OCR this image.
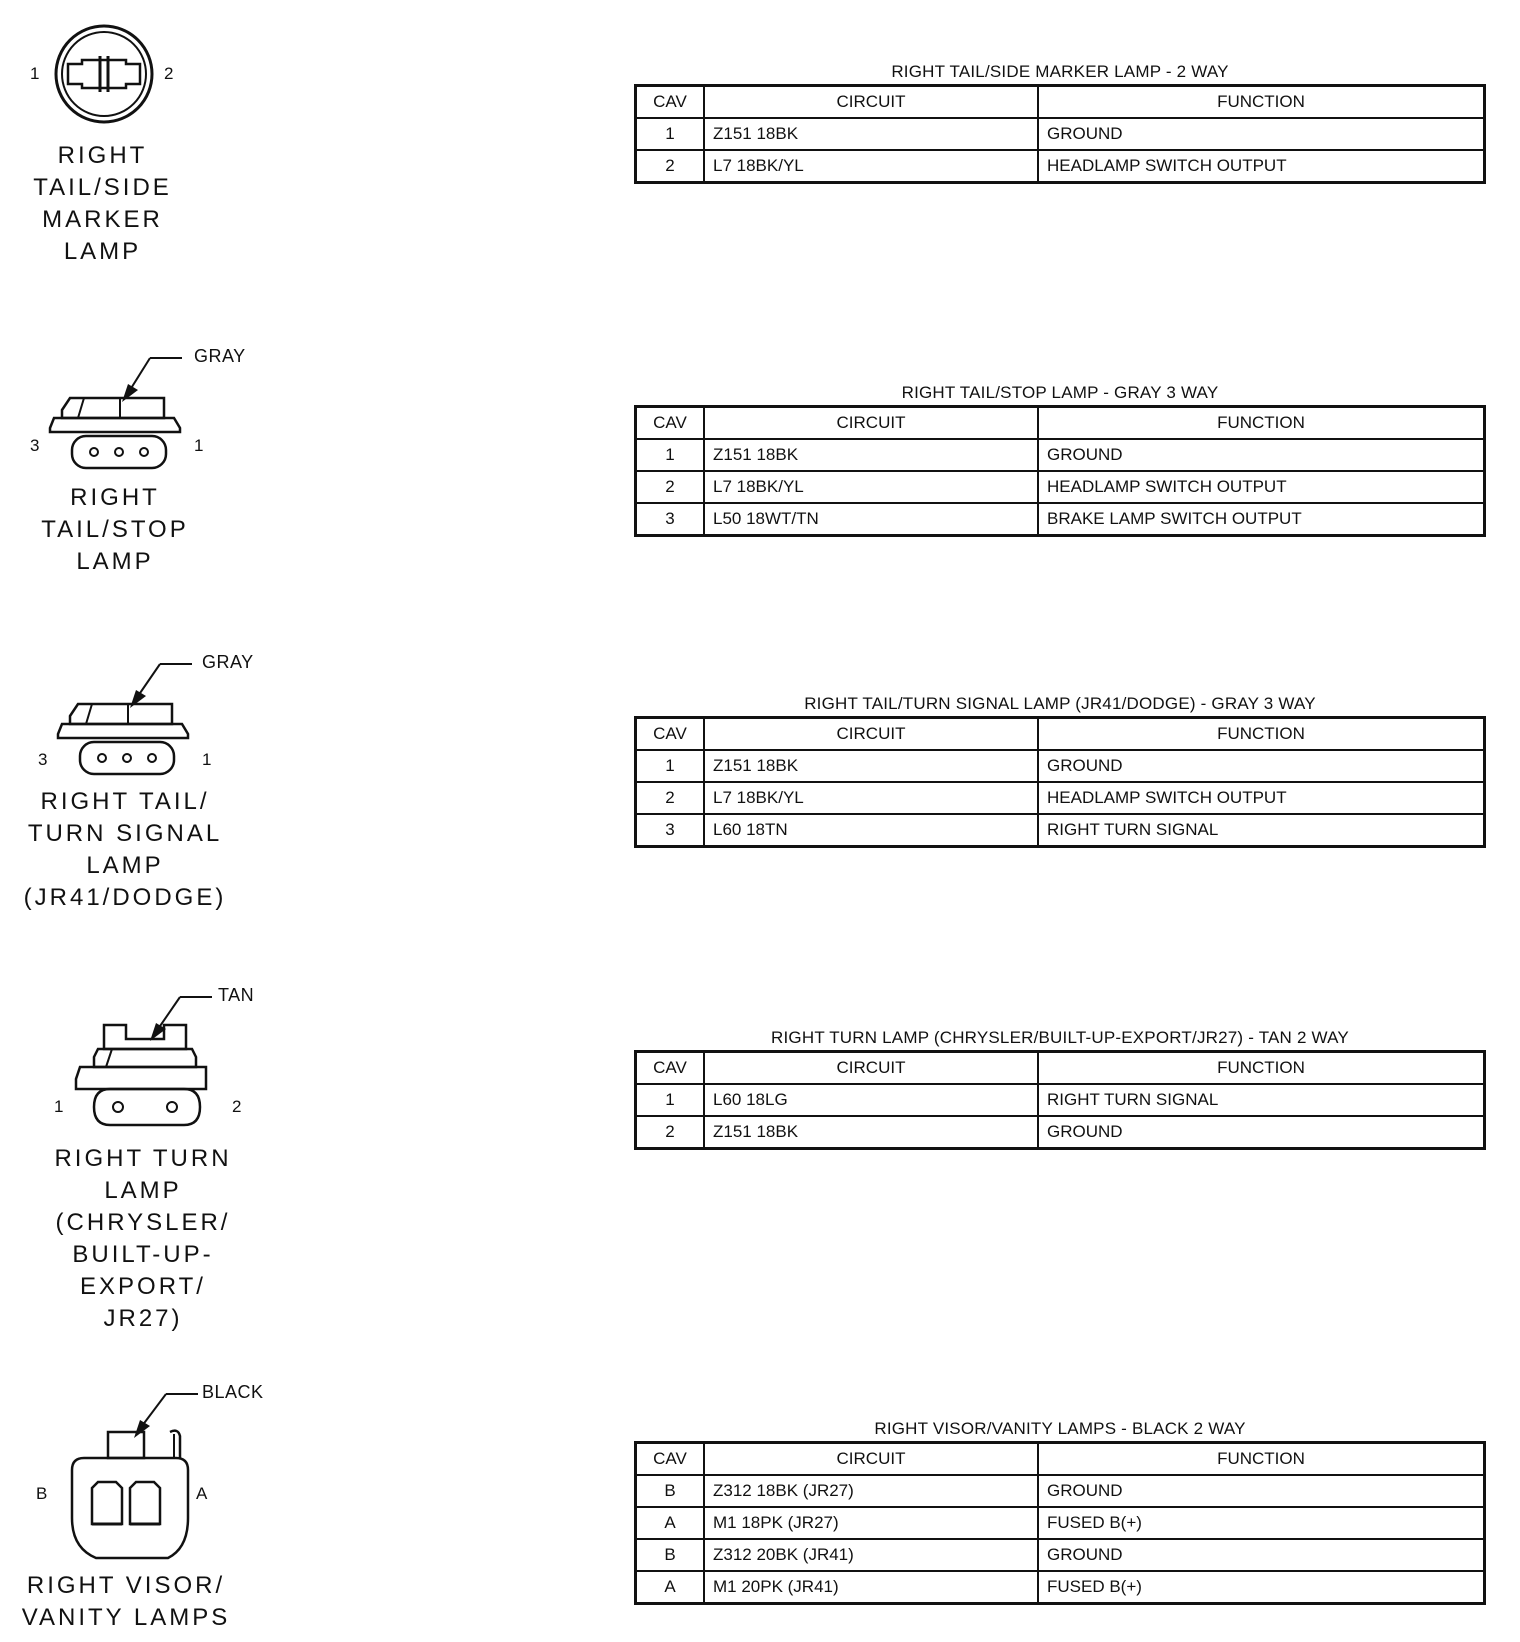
1	2
RIGHT
TAIL/SIDE
MARKER
LAMP
RIGHT TAIL/SIDE MARKER LAMP - 2 WAY
CAV	CIRCUIT	FUNCTION
1	Z151 18BK	GROUND
2	L7 18BK/YL	HEADLAMP SWITCH OUTPUT
GRAY
3	1
RIGHT
TAIL/STOP
LAMP
RIGHT TAIL/STOP LAMP - GRAY 3 WAY
CAV	CIRCUIT	FUNCTION
1	Z151 18BK	GROUND
2	L7 18BK/YL	HEADLAMP SWITCH OUTPUT
3	L50 18WT/TN	BRAKE LAMP SWITCH OUTPUT
GRAY
3	1
RIGHT TAIL/
TURN SIGNAL
LAMP
(JR41/DODGE)
RIGHT TAIL/TURN SIGNAL LAMP (JR41/DODGE) - GRAY 3 WAY
CAV	CIRCUIT	FUNCTION
1	Z151 18BK	GROUND
2	L7 18BK/YL	HEADLAMP SWITCH OUTPUT
3	L60 18TN	RIGHT TURN SIGNAL
TAN
1	2
RIGHT TURN
LAMP
(CHRYSLER/
BUILT-UP-EXPORT/
JR27)
RIGHT TURN LAMP (CHRYSLER/BUILT-UP-EXPORT/JR27) - TAN 2 WAY
CAV	CIRCUIT	FUNCTION
1	L60 18LG	RIGHT TURN SIGNAL
2	Z151 18BK	GROUND
BLACK
B	A
RIGHT VISOR/
VANITY LAMPS
RIGHT VISOR/VANITY LAMPS - BLACK 2 WAY
CAV	CIRCUIT	FUNCTION
B	Z312 18BK (JR27)	GROUND
A	M1 18PK (JR27)	FUSED B(+)
B	Z312 20BK (JR41)	GROUND
A	M1 20PK (JR41)	FUSED B(+)
